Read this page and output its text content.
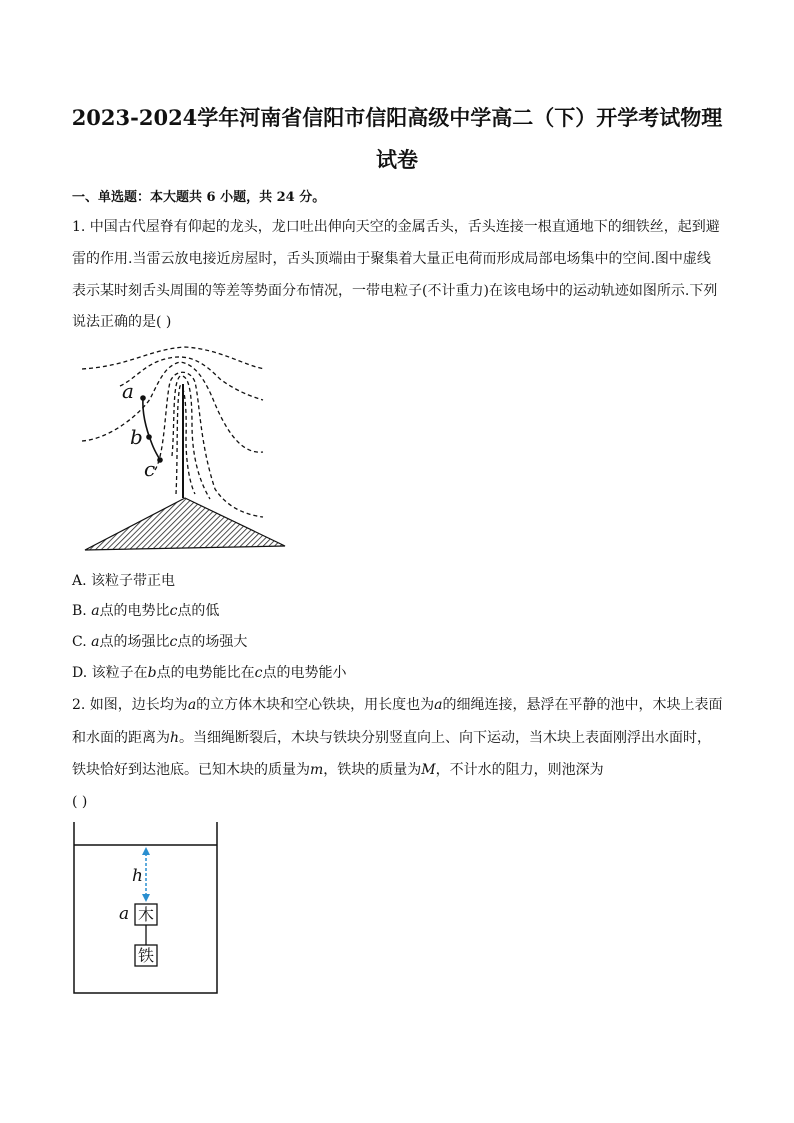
2023-2024学年河南省信阳市信阳高级中学高二（下）开学考试物理
试卷
一、单选题：本大题共 6 小题，共 24 分。
1. 中国古代屋脊有仰起的龙头，龙口吐出伸向天空的金属舌头，舌头连接一根直通地下的细铁丝，起到避
雷的作用.当雷云放电接近房屋时，舌头顶端由于聚集着大量正电荷而形成局部电场集中的空间.图中虚线
表示某时刻舌头周围的等差等势面分布情况，一带电粒子(不计重力)在该电场中的运动轨迹如图所示.下列
说法正确的是( )
a
b
c
A. 该粒子带正电
B. a点的电势比c点的低
C. a点的场强比c点的场强大
D. 该粒子在b点的电势能比在c点的电势能小
2. 如图，边长均为a的立方体木块和空心铁块，用长度也为a的细绳连接，悬浮在平静的池中，木块上表面
和水面的距离为h。当细绳断裂后，木块与铁块分别竖直向上、向下运动，当木块上表面刚浮出水面时，
铁块恰好到达池底。已知木块的质量为m，铁块的质量为M，不计水的阻力，则池深为
( )
h
木
a
铁
